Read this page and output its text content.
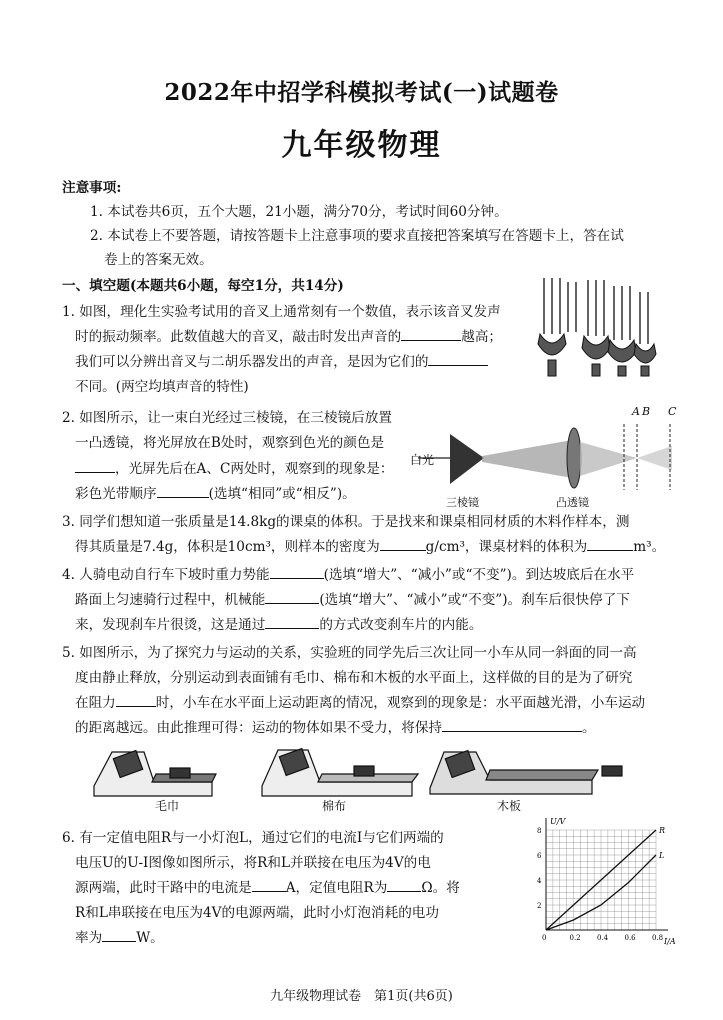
2022年中招学科模拟考试(一)试题卷
九年级物理
注意事项:
1. 本试卷共6页，五个大题，21小题，满分70分，考试时间60分钟。
2. 本试卷上不要答题，请按答题卡上注意事项的要求直接把答案填写在答题卡上，答在试
卷上的答案无效。
一、填空题(本题共6小题，每空1分，共14分)
1. 如图，理化生实验考试用的音叉上通常刻有一个数值，表示该音叉发声
时的振动频率。此数值越大的音叉，敲击时发出声音的	越高；
我们可以分辨出音叉与二胡乐器发出的声音，是因为它们的
不同。(两空均填声音的特性)
2. 如图所示，让一束白光经过三棱镜，在三棱镜后放置
一凸透镜，将光屏放在B处时，观察到色光的颜色是
，光屏先后在A、C两处时，观察到的现象是：
彩色光带顺序	(选填“相同”或“相反”)。
白光
三棱镜	凸透镜
A B C
3. 同学们想知道一张质量是14.8kg的课桌的体积。于是找来和课桌相同材质的木料作样本，测
得其质量是7.4g，体积是10cm³，则样本的密度为	g/cm³，课桌材料的体积为	m³。
4. 人骑电动自行车下坡时重力势能	(选填“增大”、“减小”或“不变”)。到达坡底后在水平
路面上匀速骑行过程中，机械能	(选填“增大”、“减小”或“不变”)。刹车后很快停了下
来，发现刹车片很烫，这是通过	的方式改变刹车片的内能。
5. 如图所示，为了探究力与运动的关系，实验班的同学先后三次让同一小车从同一斜面的同一高
度由静止释放，分别运动到表面铺有毛巾、棉布和木板的水平面上，这样做的目的是为了研究
在阻力	时，小车在水平面上运动距离的情况，观察到的现象是：水平面越光滑，小车运动
的距离越远。由此推理可得：运动的物体如果不受力，将保持	。
毛巾	棉布	木板
6. 有一定值电阻R与一小灯泡L，通过它们的电流I与它们两端的
电压U的U-I图像如图所示，将R和L并联接在电压为4V的电
源两端，此时干路中的电流是	A，定值电阻R为	Ω。将
R和L串联接在电压为4V的电源两端，此时小灯泡消耗的电功
率为	W。	I/A
U/V
0	0.2 0.4 0.6 0.8
2
4
6
8	R
L
九年级物理试卷　第1页(共6页)
